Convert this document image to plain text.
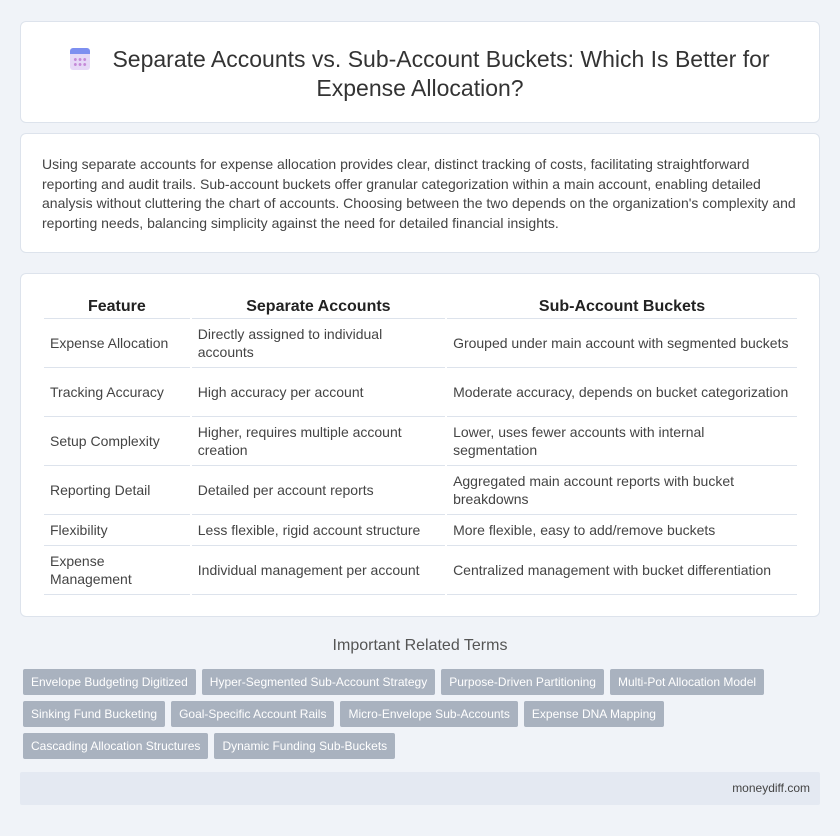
Separate Accounts vs. Sub-Account Buckets: Which Is Better for Expense Allocation?

Using separate accounts for expense allocation provides clear, distinct tracking of costs, facilitating straightforward reporting and audit trails. Sub-account buckets offer granular categorization within a main account, enabling detailed analysis without cluttering the chart of accounts. Choosing between the two depends on the organization's complexity and reporting needs, balancing simplicity against the need for detailed financial insights.

Feature	Separate Accounts	Sub-Account Buckets
Expense Allocation	Directly assigned to individual accounts	Grouped under main account with segmented buckets
Tracking Accuracy	High accuracy per account	Moderate accuracy, depends on bucket categorization
Setup Complexity	Higher, requires multiple account creation	Lower, uses fewer accounts with internal segmentation
Reporting Detail	Detailed per account reports	Aggregated main account reports with bucket breakdowns
Flexibility	Less flexible, rigid account structure	More flexible, easy to add/remove buckets
Expense Management	Individual management per account	Centralized management with bucket differentiation
Important Related Terms
Envelope Budgeting Digitized	Hyper-Segmented Sub-Account Strategy	Purpose-Driven Partitioning	Multi-Pot Allocation Model
Sinking Fund Bucketing	Goal-Specific Account Rails	Micro-Envelope Sub-Accounts	Expense DNA Mapping
Cascading Allocation Structures	Dynamic Funding Sub-Buckets
moneydiff.com
